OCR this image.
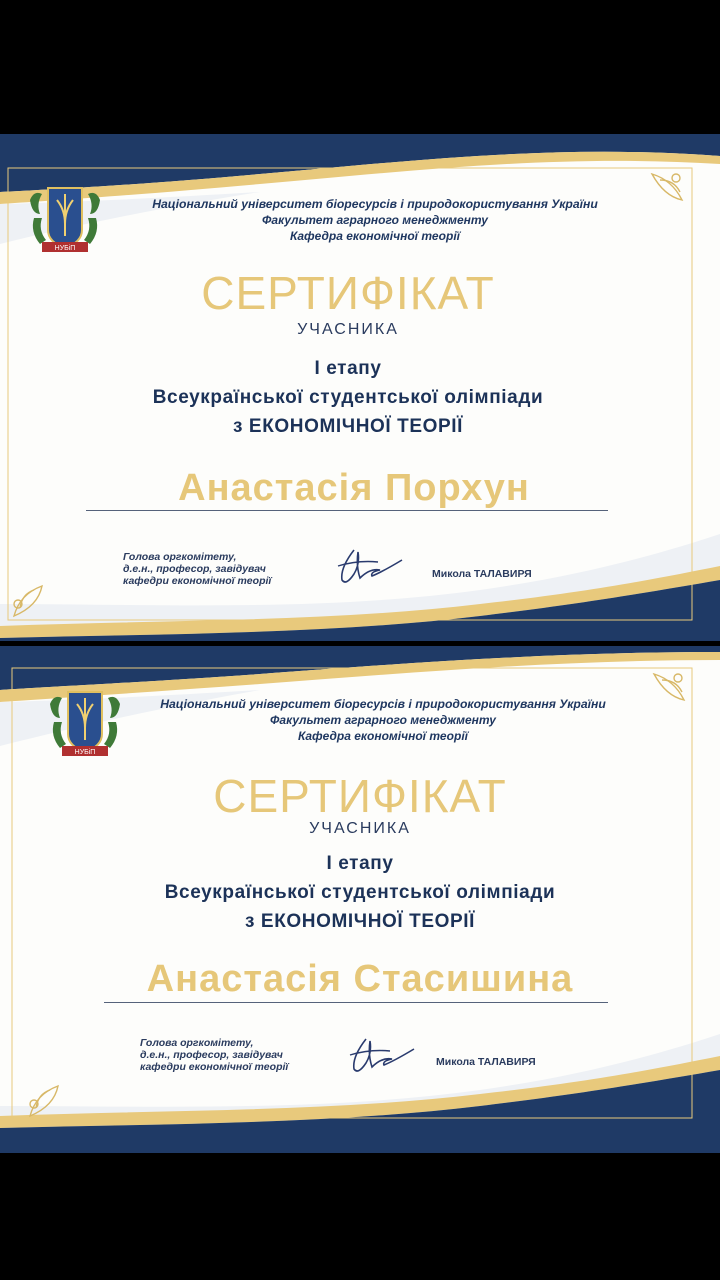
НУБіП
Національний університет біоресурсів і природокористування України
Факультет аграрного менеджменту
Кафедра економічної теорії
СЕРТИФІКАТ
УЧАСНИКА
І етапу
Всеукраїнської студентської олімпіади
з ЕКОНОМІЧНОЇ ТЕОРІЇ
Анастасія Порхун
Голова оргкомітету,
д.е.н., професор, завідувач
кафедри економічної теорії
Микола ТАЛАВИРЯ
НУБіП
Національний університет біоресурсів і природокористування України
Факультет аграрного менеджменту
Кафедра економічної теорії
СЕРТИФІКАТ
УЧАСНИКА
І етапу
Всеукраїнської студентської олімпіади
з ЕКОНОМІЧНОЇ ТЕОРІЇ
Анастасія Стасишина
Голова оргкомітету,
д.е.н., професор, завідувач
кафедри економічної теорії	Микола ТАЛАВИРЯ
